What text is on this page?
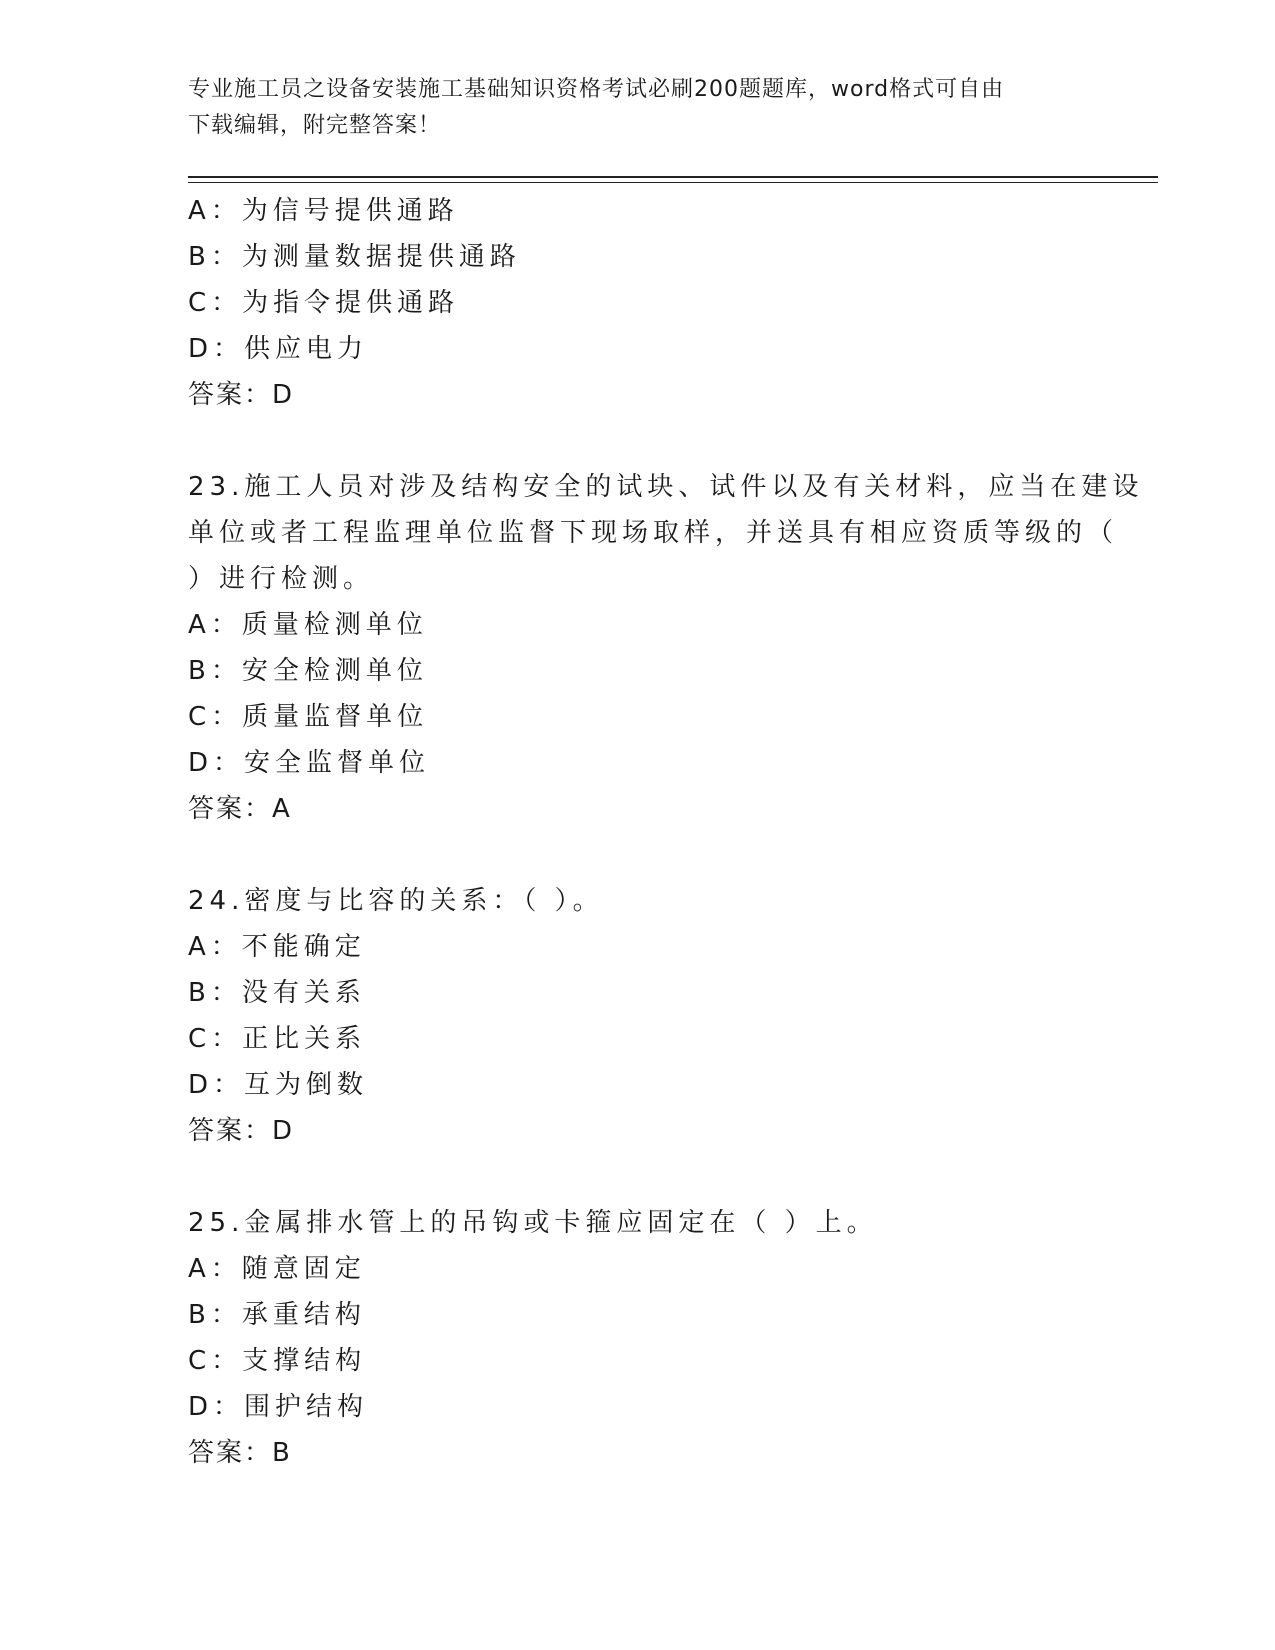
专业施工员之设备安装施工基础知识资格考试必刷200题题库，word格式可自由
下载编辑，附完整答案！
A：为信号提供通路
B：为测量数据提供通路
C：为指令提供通路
D：供应电力
答案：D
23.施工人员对涉及结构安全的试块、试件以及有关材料，应当在建设
单位或者工程监理单位监督下现场取样，并送具有相应资质等级的（
）进行检测。
A：质量检测单位
B：安全检测单位
C：质量监督单位
D：安全监督单位
答案：A
24.密度与比容的关系：（ ）。
A：不能确定
B：没有关系
C：正比关系
D：互为倒数
答案：D
25.金属排水管上的吊钩或卡箍应固定在（ ）上。
A：随意固定
B：承重结构
C：支撑结构
D：围护结构
答案：B
